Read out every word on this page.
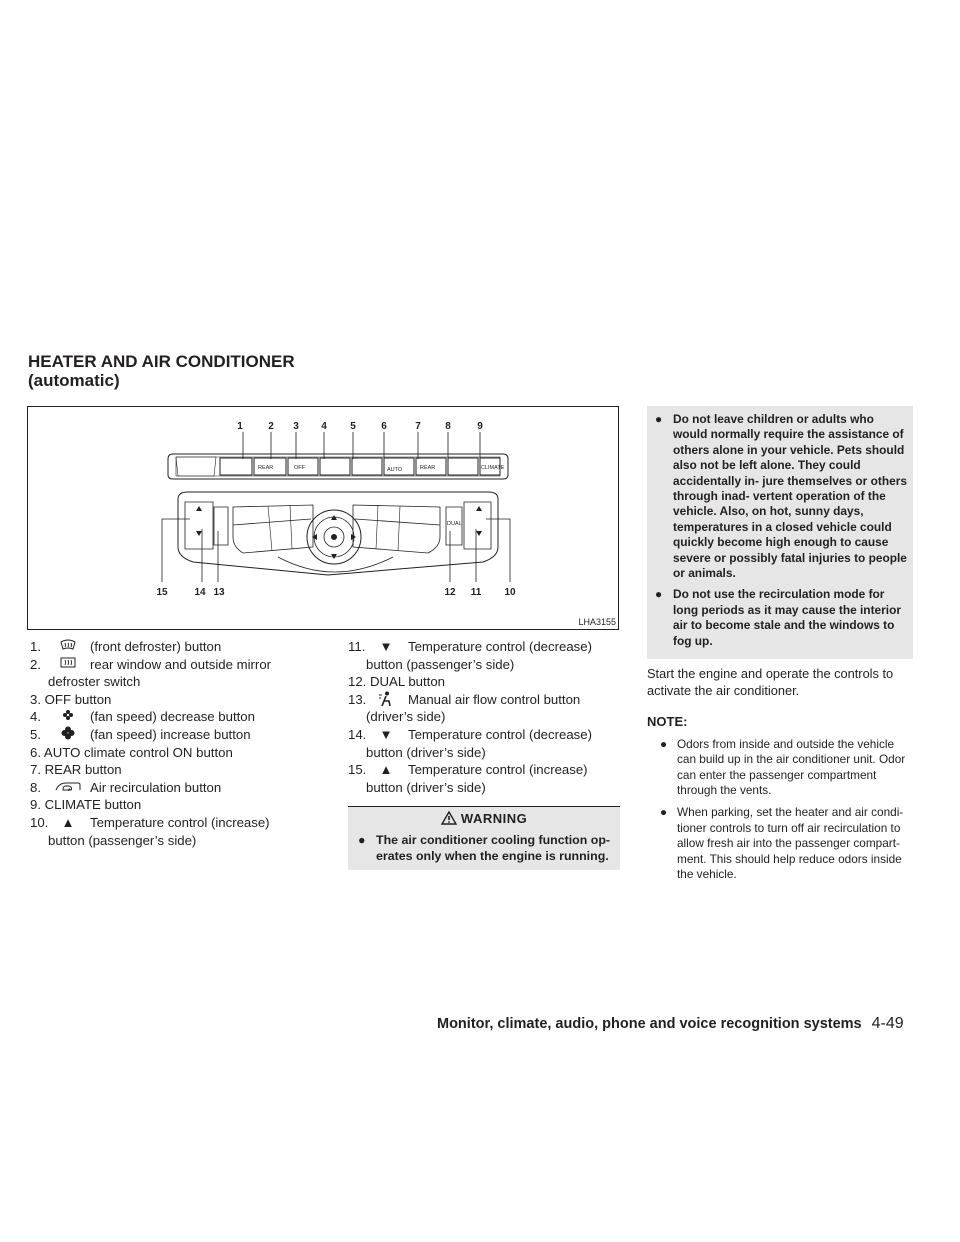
HEATER AND AIR CONDITIONER
(automatic)
REAR	OFF	AUTO	REAR	CLIMATE
DUAL
1	2 3 4 5	6	7 8	9
15	14 13	12 11 10
LHA3155
1.	(front defroster) button
2.	rear window and outside mirror
defroster switch
3. OFF button
4.	(fan speed) decrease button
5.	(fan speed) increase button
6. AUTO climate control ON button
7. REAR button
8.	Air recirculation button
9. CLIMATE button
10. ▲	Temperature control (increase)
button (passenger’s side)
11.	▼	Temperature control (decrease)
button (passenger’s side)
12. DUAL button
13.	Manual air flow control button
(driver’s side)
14. ▼	Temperature control (decrease)
button (driver’s side)
15. ▲	Temperature control (increase)
button (driver’s side)
WARNING
● The air conditioner cooling function op- erates only when the engine is running.
● Do not leave children or adults who would normally require the assistance of others alone in your vehicle. Pets should also not be left alone. They could accidentally in- jure themselves or others through inad- vertent operation of the vehicle. Also, on hot, sunny days, temperatures in a closed vehicle could quickly become high enough to cause severe or possibly fatal injuries to people or animals.
● Do not use the recirculation mode for long periods as it may cause the interior air to become stale and the windows to fog up.
Start the engine and operate the controls to activate the air conditioner.
NOTE:
● Odors from inside and outside the vehicle can build up in the air conditioner unit. Odor can enter the passenger compartment through the vents.
● When parking, set the heater and air condi- tioner controls to turn off air recirculation to allow fresh air into the passenger compart- ment. This should help reduce odors inside the vehicle.
Monitor, climate, audio, phone and voice recognition systems 4-49
